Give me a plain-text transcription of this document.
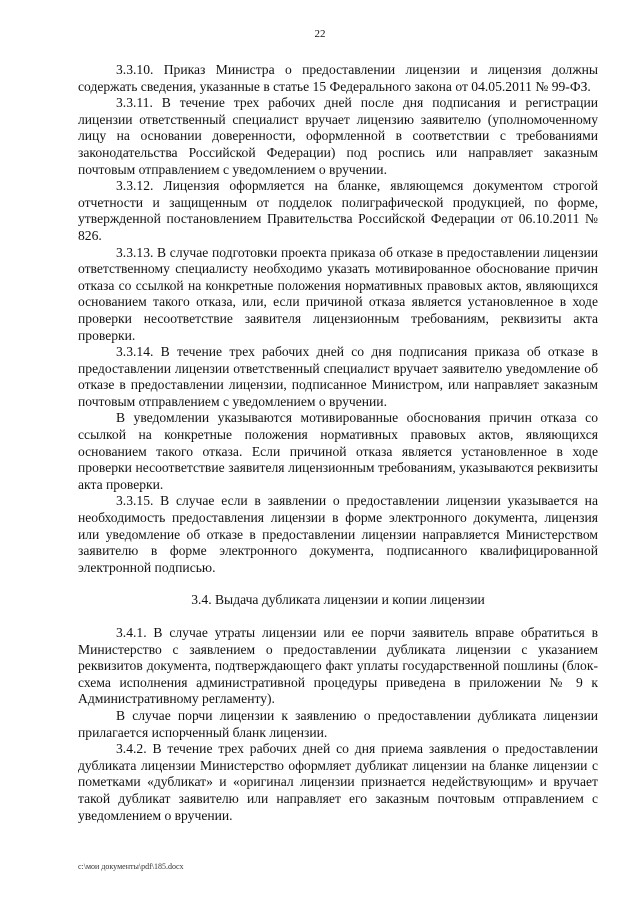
22

3.3.10. Приказ Министра о предоставлении лицензии и лицензия должны содержать сведения, указанные в статье 15 Федерального закона от 04.05.2011 № 99-ФЗ.

3.3.11. В течение трех рабочих дней после дня подписания и регистрации лицензии ответственный специалист вручает лицензию заявителю (уполномоченному лицу на основании доверенности, оформленной в соответствии с требованиями законодательства Российской Федерации) под роспись или направляет заказным почтовым отправлением с уведомлением о вручении.

3.3.12. Лицензия оформляется на бланке, являющемся документом строгой отчетности и защищенным от подделок полиграфической продукцией, по форме, утвержденной постановлением Правительства Российской Федерации от 06.10.2011 № 826.

3.3.13. В случае подготовки проекта приказа об отказе в предоставлении лицензии ответственному специалисту необходимо указать мотивированное обоснование причин отказа со ссылкой на конкретные положения нормативных правовых актов, являющихся основанием такого отказа, или, если причиной отказа является установленное в ходе проверки несоответствие заявителя лицензионным требованиям, реквизиты акта проверки.

3.3.14. В течение трех рабочих дней со дня подписания приказа об отказе в предоставлении лицензии ответственный специалист вручает заявителю уведомление об отказе в предоставлении лицензии, подписанное Министром, или направляет заказным почтовым отправлением с уведомлением о вручении.

В уведомлении указываются мотивированные обоснования причин отказа со ссылкой на конкретные положения нормативных правовых актов, являющихся основанием такого отказа. Если причиной отказа является установленное в ходе проверки несоответствие заявителя лицензионным требованиям, указываются реквизиты акта проверки.

3.3.15. В случае если в заявлении о предоставлении лицензии указывается на необходимость предоставления лицензии в форме электронного документа, лицензия или уведомление об отказе в предоставлении лицензии направляется Министерством заявителю в форме электронного документа, подписанного квалифицированной электронной подписью.

3.4. Выдача дубликата лицензии и копии лицензии

3.4.1. В случае утраты лицензии или ее порчи заявитель вправе обратиться в Министерство с заявлением о предоставлении дубликата лицензии с указанием реквизитов документа, подтверждающего факт уплаты государственной пошлины (блок-схема исполнения административной процедуры приведена в приложении № 9 к Административному регламенту).

В случае порчи лицензии к заявлению о предоставлении дубликата лицензии прилагается испорченный бланк лицензии.

3.4.2. В течение трех рабочих дней со дня приема заявления о предоставлении дубликата лицензии Министерство оформляет дубликат лицензии на бланке лицензии с пометками «дубликат» и «оригинал лицензии признается недействующим» и вручает такой дубликат заявителю или направляет его заказным почтовым отправлением с уведомлением о вручении.

c:\мои документы\pdf\185.docx
